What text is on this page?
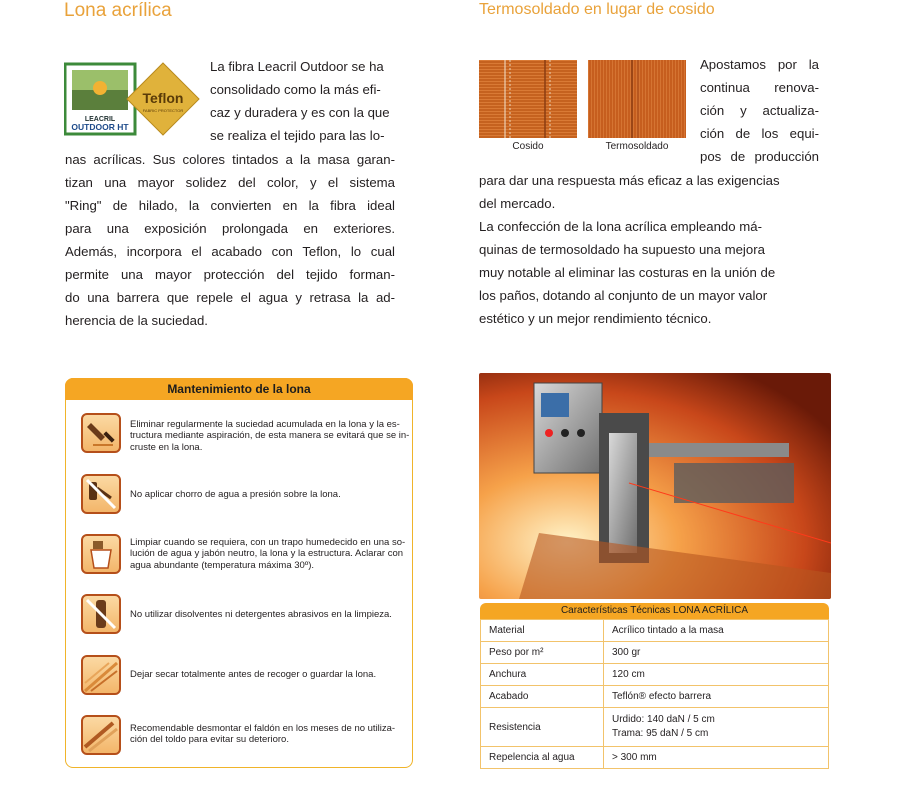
Lona acrílica	Termosoldado en lugar de cosido
LEACRIL
OUTDOOR HT
Teflon
FABRIC PROTECTOR
La fibra Leacril Outdoor se ha
consolidado como la más efi-
caz y duradera y es con la que
se realiza el tejido para las lo-
nas acrílicas. Sus colores tintados a la masa garan-
tizan una mayor solidez del color, y el sistema
"Ring" de hilado, la convierten en la fibra ideal
para una exposición prolongada en exteriores.
Además, incorpora el acabado con Teflon, lo cual
permite una mayor protección del tejido forman-
do una barrera que repele el agua y retrasa la ad-
herencia de la suciedad.
Cosido	Termosoldado
Apostamos por la
continua renova-
ción y actualiza-
ción de los equi-
pos de producción
para dar una respuesta más eficaz a las exigencias
del mercado.
La confección de la lona acrílica empleando má-
quinas de termosoldado ha supuesto una mejora
muy notable al eliminar las costuras en la unión de
los paños, dotando al conjunto de un mayor valor
estético y un mejor rendimiento técnico.
Mantenimiento de la lona
Eliminar regularmente la suciedad acumulada en la lona y la es-
tructura mediante aspiración, de esta manera se evitará que se in-
cruste en la lona.
No aplicar chorro de agua a presión sobre la lona.
Limpiar cuando se requiera, con un trapo humedecido en una so-
lución de agua y jabón neutro, la lona y la estructura. Aclarar con
agua abundante (temperatura máxima 30º).
No utilizar disolventes ni detergentes abrasivos en la limpieza.
Dejar secar totalmente antes de recoger o guardar la lona.
Recomendable desmontar el faldón en los meses de no utiliza-
ción del toldo para evitar su deterioro.
Características Técnicas LONA ACRÍLICA
Material	Acrílico tintado a la masa
Peso por m²	300 gr
Anchura	120 cm
Acabado	Teflón® efecto barrera
Resistencia	Urdido: 140 daN / 5 cm
Trama: 95 daN / 5 cm

Repelencia al agua	> 300 mm
